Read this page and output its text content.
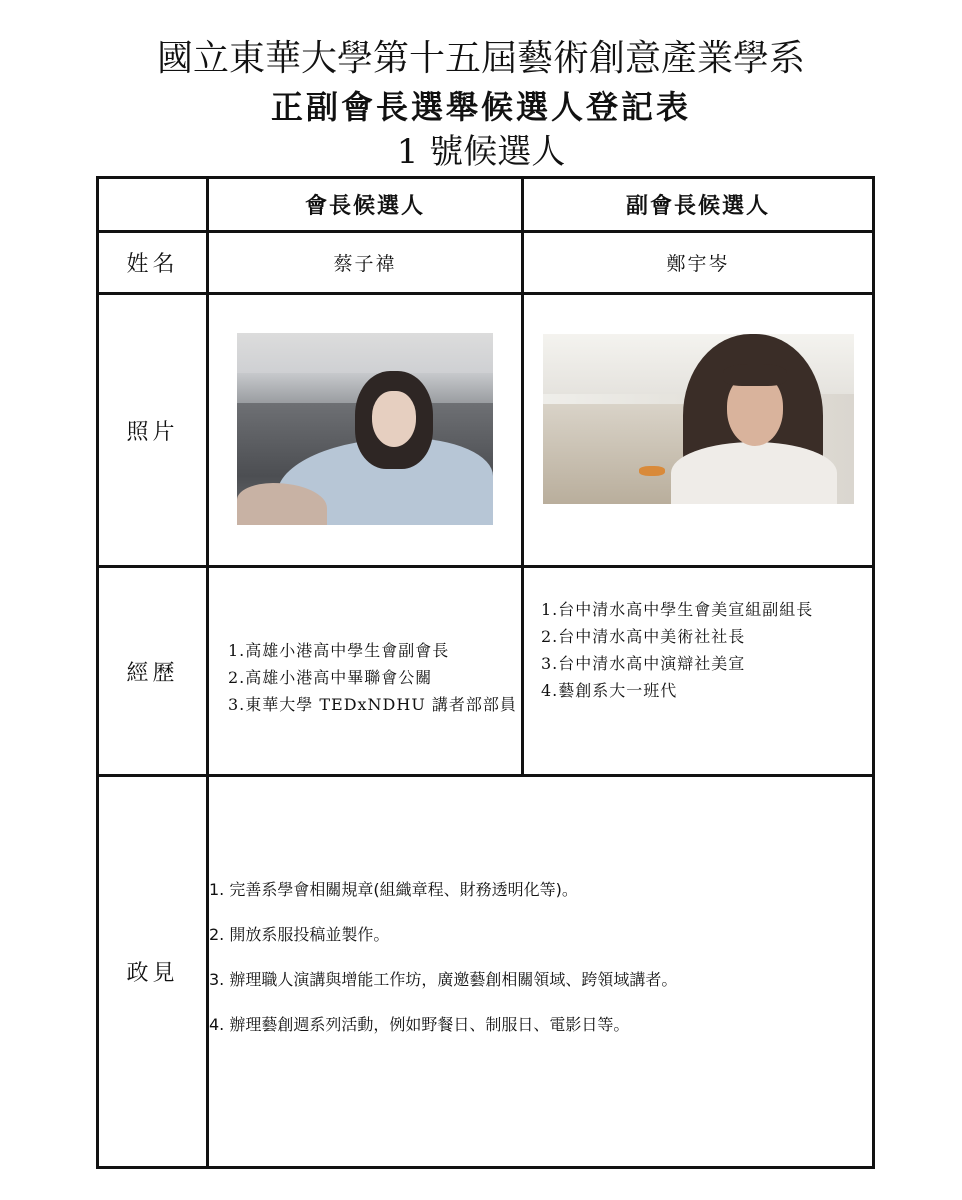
國立東華大學第十五屆藝術創意產業學系
正副會長選舉候選人登記表
1 號候選人
	會長候選人	副會長候選人
姓名	蔡子禕	鄭宇岑
照片	

經歷	1.高雄小港高中學生會副會長
2.高雄小港高中畢聯會公關
3.東華大學 TEDxNDHU 講者部部員	1.台中清水高中學生會美宣組副組長
2.台中清水高中美術社社長
3.台中清水高中演辯社美宣
4.藝創系大一班代

政見	1. 完善系學會相關規章(組織章程、財務透明化等)。
2. 開放系服投稿並製作。
3. 辦理職人演講與增能工作坊，廣邀藝創相關領域、跨領域講者。
4. 辦理藝創週系列活動，例如野餐日、制服日、電影日等。	
